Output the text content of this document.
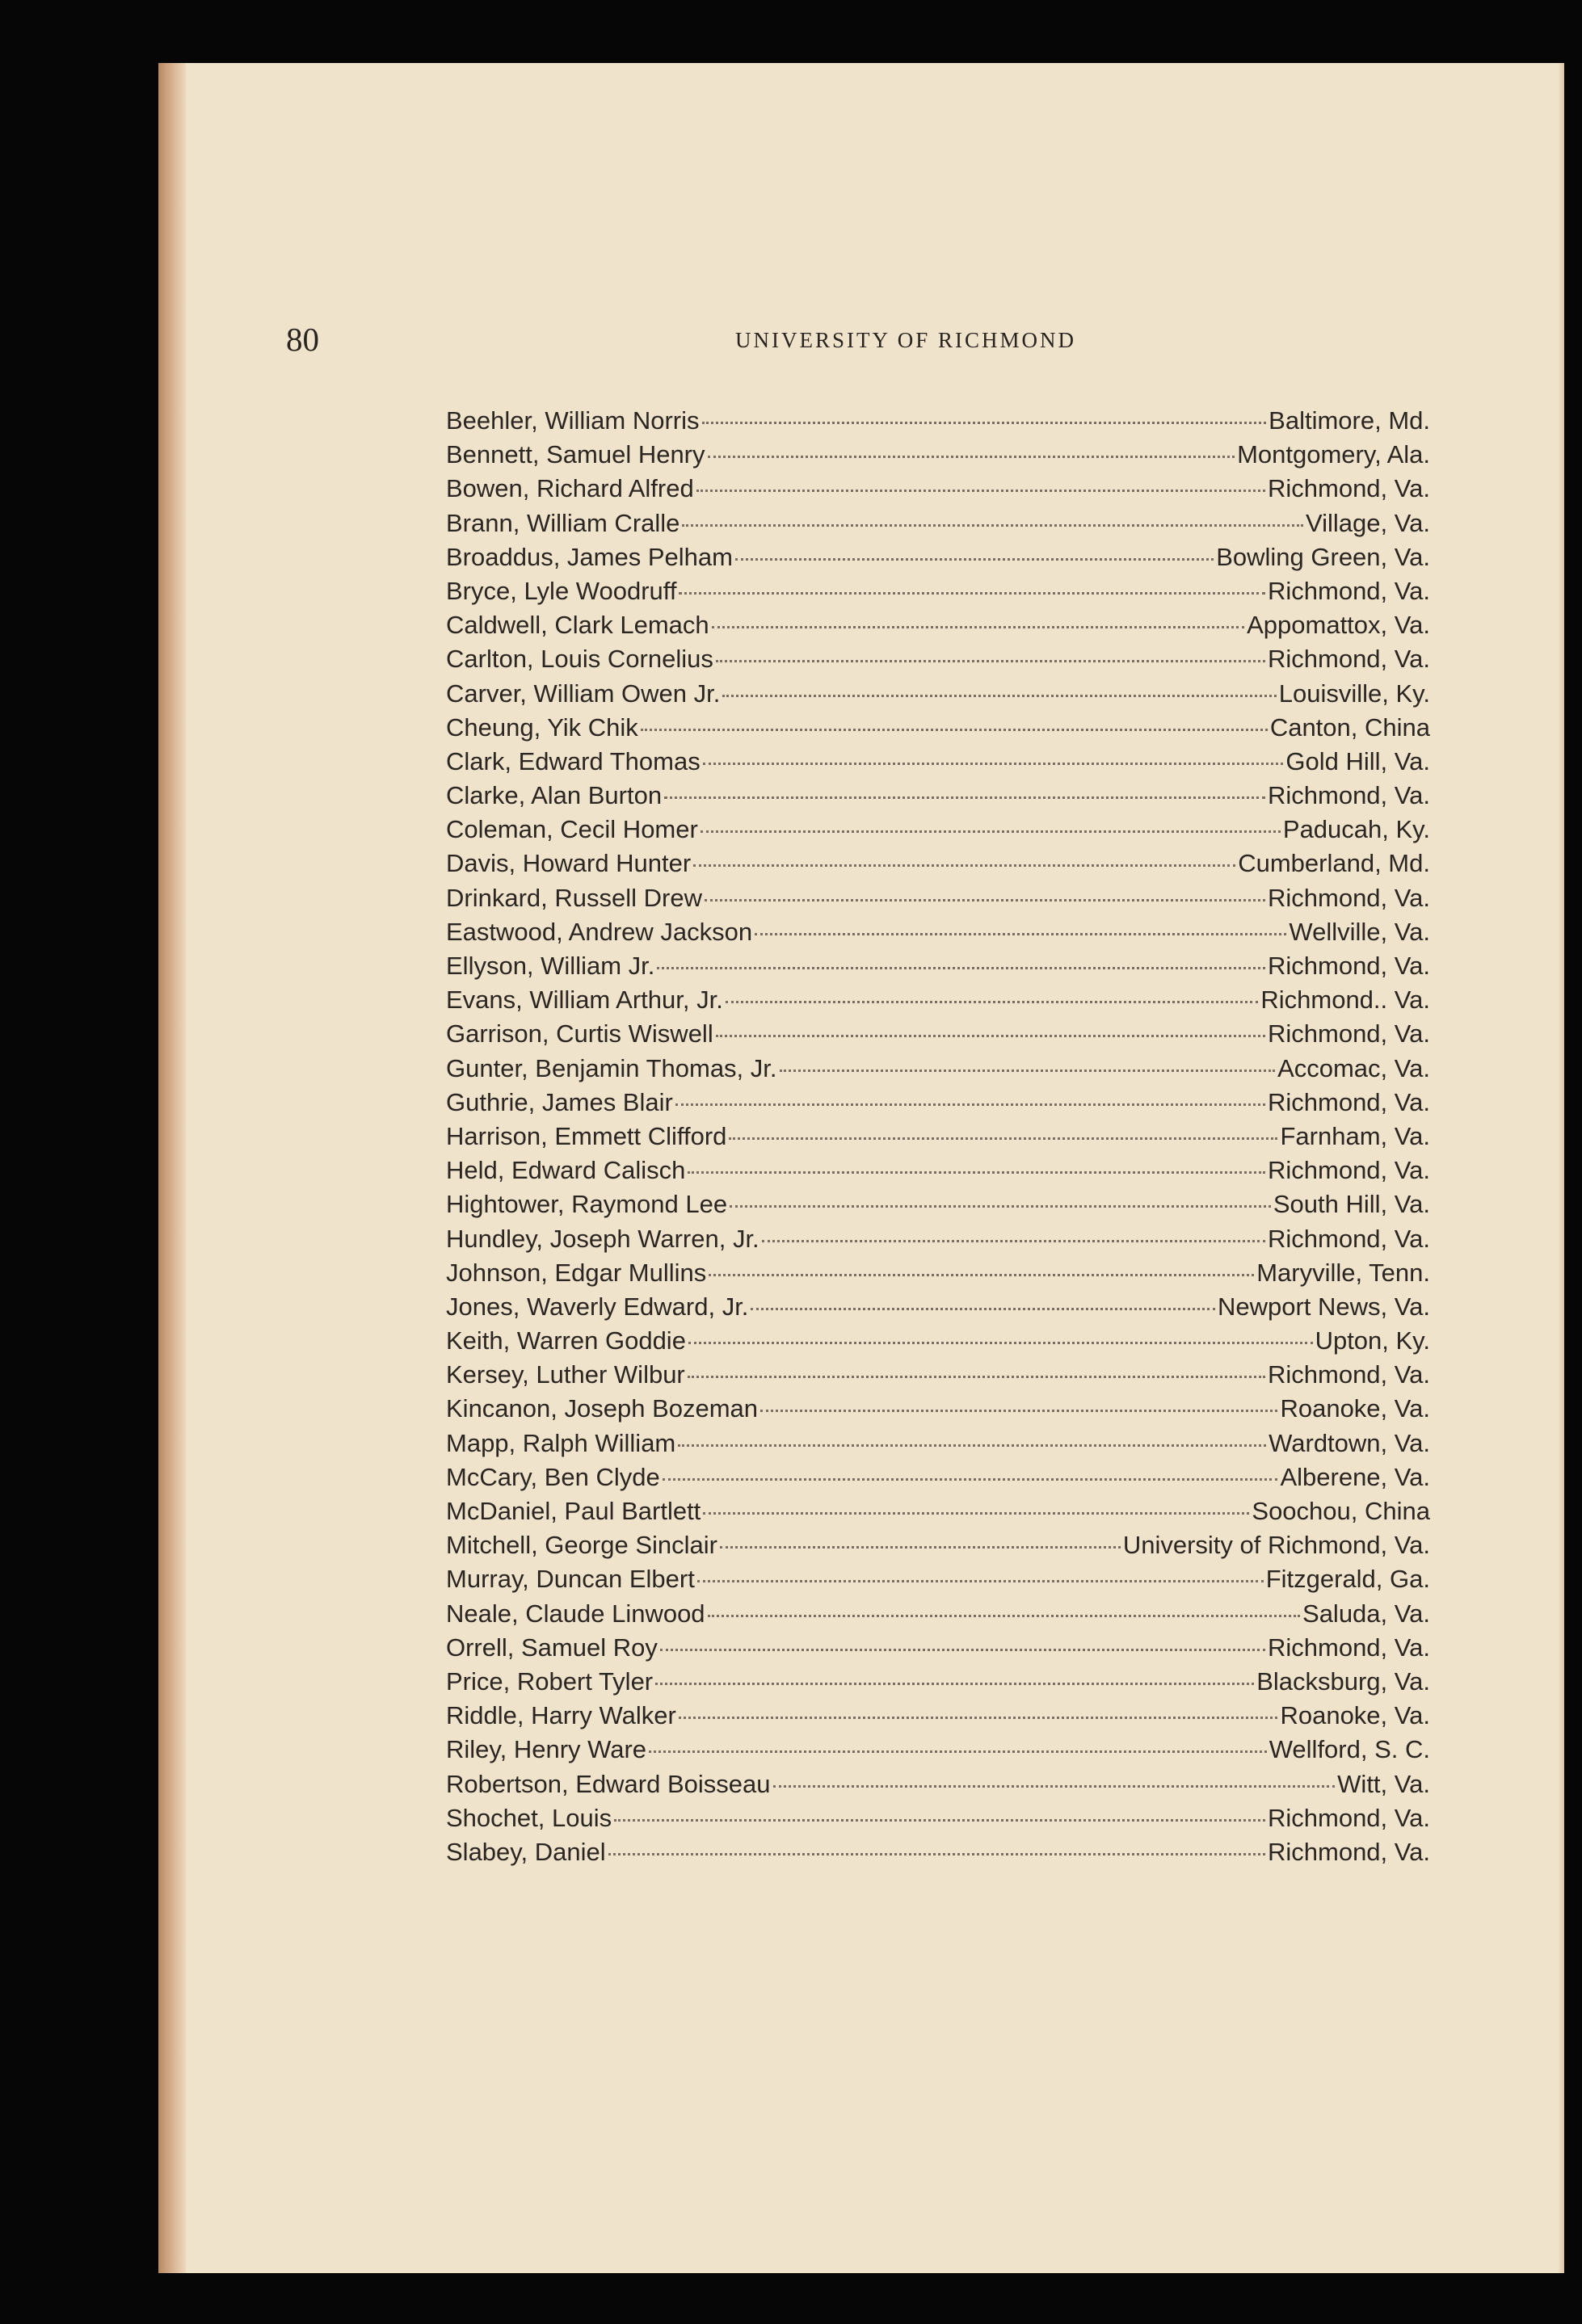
80	UNIVERSITY OF RICHMOND
Beehler, William Norris	Baltimore, Md.
Bennett, Samuel Henry	Montgomery, Ala.
Bowen, Richard Alfred	Richmond, Va.
Brann, William Cralle	Village, Va.
Broaddus, James Pelham	Bowling Green, Va.
Bryce, Lyle Woodruff	Richmond, Va.
Caldwell, Clark Lemach	Appomattox, Va.
Carlton, Louis Cornelius	Richmond, Va.
Carver, William Owen Jr.	Louisville, Ky.
Cheung, Yik Chik	Canton, China
Clark, Edward Thomas	Gold Hill, Va.
Clarke, Alan Burton	Richmond, Va.
Coleman, Cecil Homer	Paducah, Ky.
Davis, Howard Hunter	Cumberland, Md.
Drinkard, Russell Drew	Richmond, Va.
Eastwood, Andrew Jackson	Wellville, Va.
Ellyson, William Jr.	Richmond, Va.
Evans, William Arthur, Jr.	Richmond.. Va.
Garrison, Curtis Wiswell	Richmond, Va.
Gunter, Benjamin Thomas, Jr.	Accomac, Va.
Guthrie, James Blair	Richmond, Va.
Harrison, Emmett Clifford	Farnham, Va.
Held, Edward Calisch	Richmond, Va.
Hightower, Raymond Lee	South Hill, Va.
Hundley, Joseph Warren, Jr.	Richmond, Va.
Johnson, Edgar Mullins	Maryville, Tenn.
Jones, Waverly Edward, Jr.	Newport News, Va.
Keith, Warren Goddie	Upton, Ky.
Kersey, Luther Wilbur	Richmond, Va.
Kincanon, Joseph Bozeman	Roanoke, Va.
Mapp, Ralph William	Wardtown, Va.
McCary, Ben Clyde	Alberene, Va.
McDaniel, Paul Bartlett	Soochou, China
Mitchell, George Sinclair	University of Richmond, Va.
Murray, Duncan Elbert	Fitzgerald, Ga.
Neale, Claude Linwood	Saluda, Va.
Orrell, Samuel Roy	Richmond, Va.
Price, Robert Tyler	Blacksburg, Va.
Riddle, Harry Walker	Roanoke, Va.
Riley, Henry Ware	Wellford, S. C.
Robertson, Edward Boisseau	Witt, Va.
Shochet, Louis	Richmond, Va.
Slabey, Daniel	Richmond, Va.
